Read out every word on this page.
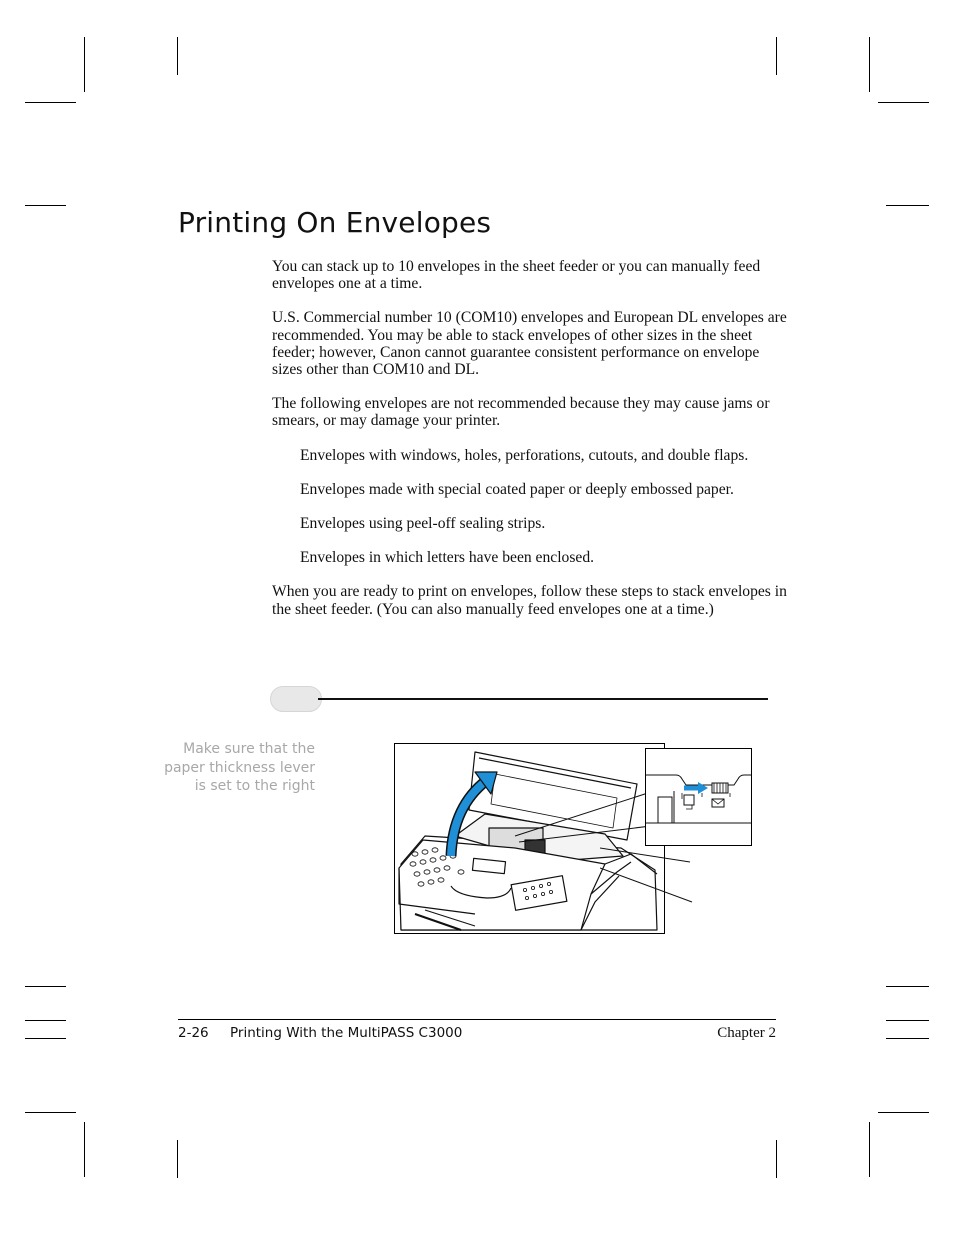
Printing On Envelopes

You can stack up to 10 envelopes in the sheet feeder or you can manually feed envelopes one at a time.

U.S. Commercial number 10 (COM10) envelopes and European DL envelopes are recommended. You may be able to stack envelopes of other sizes in the sheet feeder; however, Canon cannot guarantee consistent performance on envelope sizes other than COM10 and DL.

The following envelopes are not recommended because they may cause jams or smears, or may damage your printer.

Envelopes with windows, holes, perforations, cutouts, and double flaps.
Envelopes made with special coated paper or deeply embossed paper.
Envelopes using peel-off sealing strips.
Envelopes in which letters have been enclosed.

When you are ready to print on envelopes, follow these steps to stack envelopes in the sheet feeder. (You can also manually feed envelopes one at a time.)

Make sure that the paper thickness lever is set to the right
2-26 Printing With the MultiPASS C3000	Chapter 2
